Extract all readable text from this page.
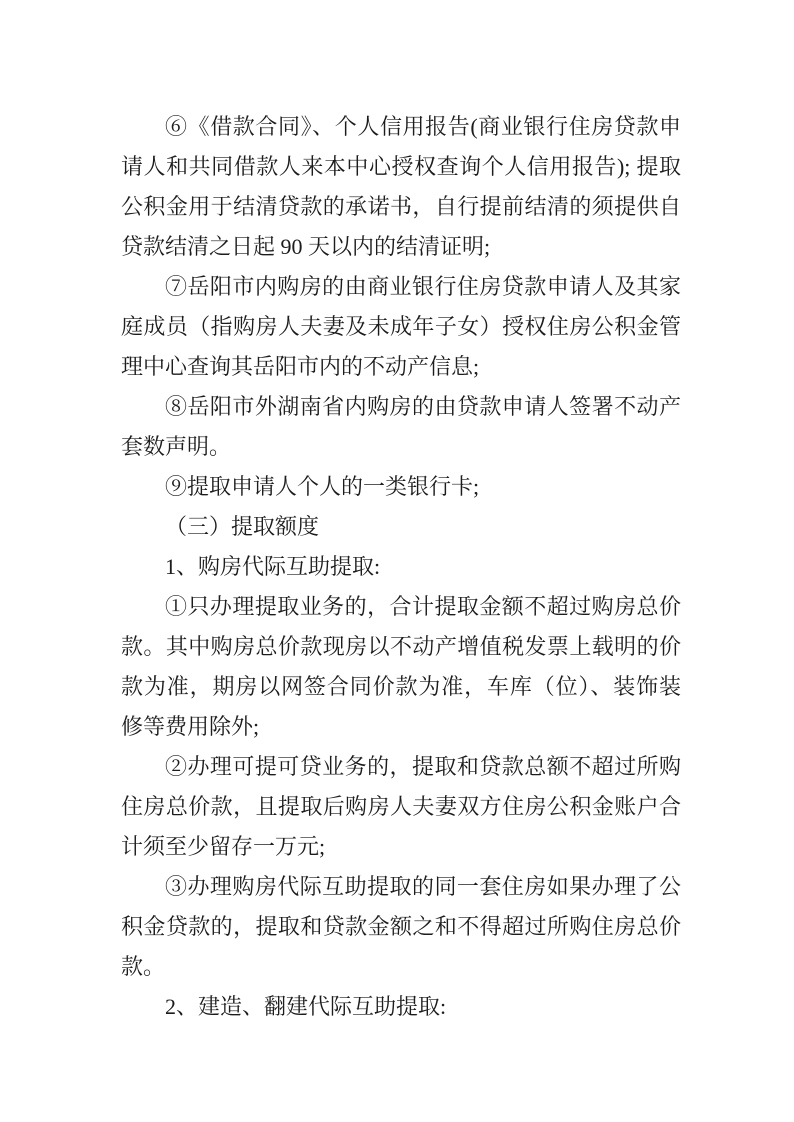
⑥《借款合同》、个人信用报告(商业银行住房贷款申请人和共同借款人来本中心授权查询个人信用报告); 提取公积金用于结清贷款的承诺书，自行提前结清的须提供自贷款结清之日起 90 天以内的结清证明;

⑦岳阳市内购房的由商业银行住房贷款申请人及其家庭成员（指购房人夫妻及未成年子女）授权住房公积金管理中心查询其岳阳市内的不动产信息;

⑧岳阳市外湖南省内购房的由贷款申请人签署不动产套数声明。

⑨提取申请人个人的一类银行卡;

（三）提取额度

1、购房代际互助提取:

①只办理提取业务的，合计提取金额不超过购房总价款。其中购房总价款现房以不动产增值税发票上载明的价款为准，期房以网签合同价款为准，车库（位）、装饰装修等费用除外;

②办理可提可贷业务的，提取和贷款总额不超过所购住房总价款，且提取后购房人夫妻双方住房公积金账户合计须至少留存一万元;

③办理购房代际互助提取的同一套住房如果办理了公积金贷款的，提取和贷款金额之和不得超过所购住房总价款。

2、建造、翻建代际互助提取:
